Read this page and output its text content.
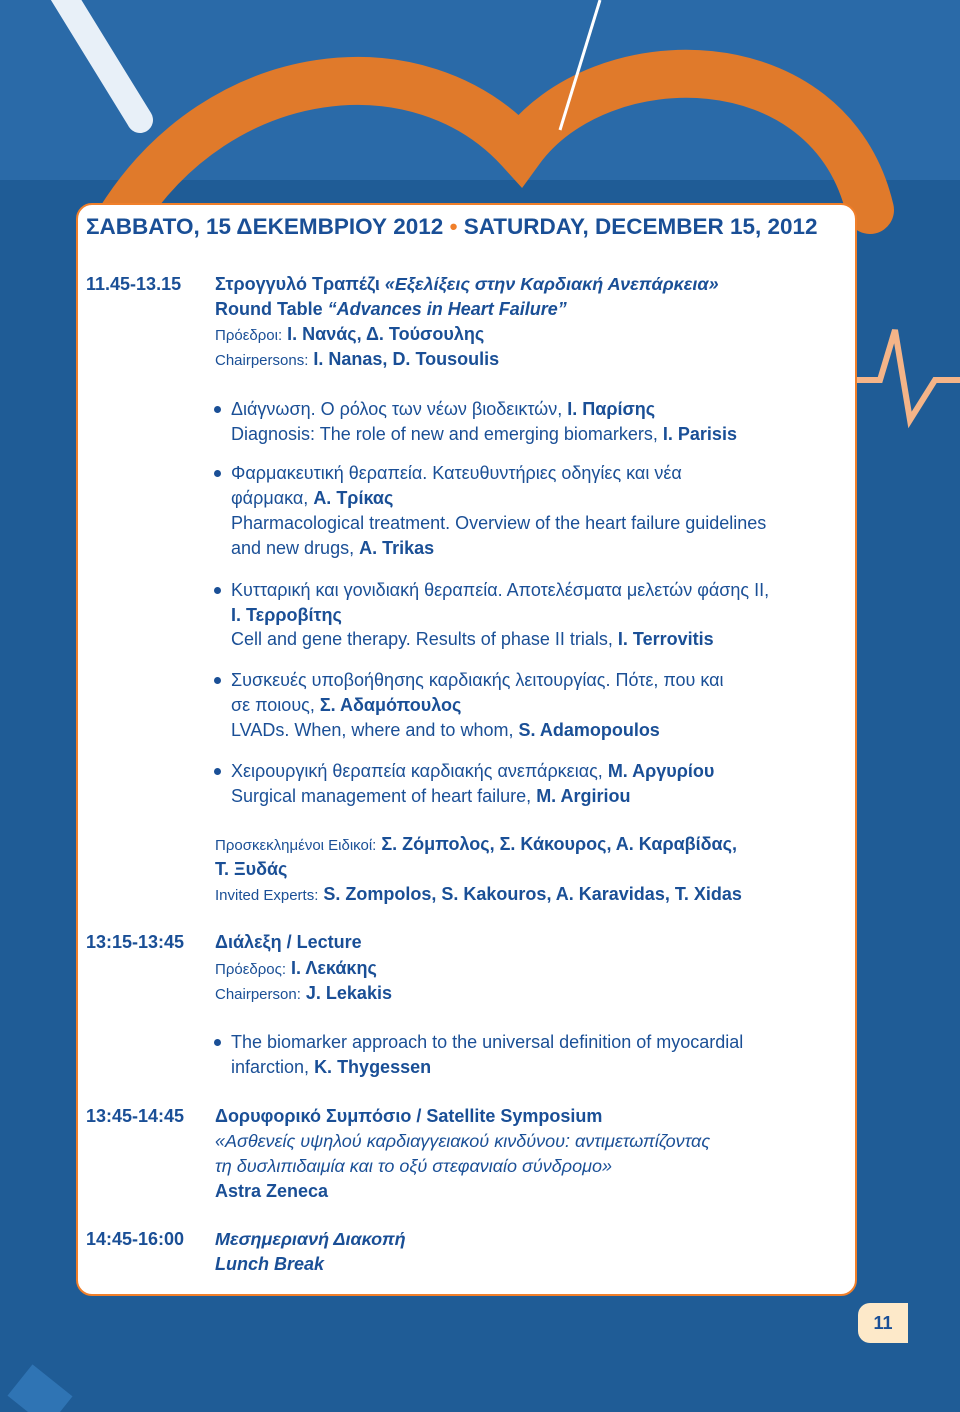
ΣΑΒΒΑΤΟ, 15 ΔΕΚΕΜΒΡΙΟΥ 2012 • SATURDAY, DECEMBER 15, 2012
11.45-13.15 Στρογγυλό Τραπέζι «Εξελίξεις στην Καρδιακή Ανεπάρκεια»
Round Table “Advances in Heart Failure”
Πρόεδροι: Ι. Νανάς, Δ. Τούσουλης
Chairpersons: I. Nanas, D. Tousoulis
Διάγνωση. Ο ρόλος των νέων βιοδεικτών, Ι. Παρίσης
Diagnosis: The role of new and emerging biomarkers, I. Parisis
Φαρμακευτική θεραπεία. Κατευθυντήριες οδηγίες και νέα
φάρμακα, Α. Τρίκας
Pharmacological treatment. Overview of the heart failure guidelines
and new drugs, A. Trikas
Κυτταρική και γονιδιακή θεραπεία. Αποτελέσματα μελετών φάσης ΙΙ,
Ι. Τερροβίτης
Cell and gene therapy. Results of phase II trials, I. Terrovitis
Συσκευές υποβοήθησης καρδιακής λειτουργίας. Πότε, που και
σε ποιους, Σ. Αδαμόπουλος
LVADs. When, where and to whom, S. Adamopoulos
Χειρουργική θεραπεία καρδιακής ανεπάρκειας, Μ. Αργυρίου
Surgical management of heart failure, M. Argiriou
Προσκεκλημένοι Ειδικοί: Σ. Ζόμπολος, Σ. Κάκουρος, Α. Καραβίδας,
Τ. Ξυδάς
Invited Experts: S. Zompolos, S. Kakouros, A. Karavidas, T. Xidas
13:15-13:45 Διάλεξη / Lecture
Πρόεδρος: Ι. Λεκάκης
Chairperson: J. Lekakis
The biomarker approach to the universal definition of myocardial
infarction, K. Thygessen
13:45-14:45 Δορυφορικό Συμπόσιο / Satellite Symposium
«Ασθενείς υψηλού καρδιαγγειακού κινδύνου: αντιμετωπίζοντας
τη δυσλιπιδαιμία και το οξύ στεφανιαίο σύνδρομο»
Astra Zeneca
14:45-16:00 Μεσημεριανή Διακοπή
Lunch Break
11
